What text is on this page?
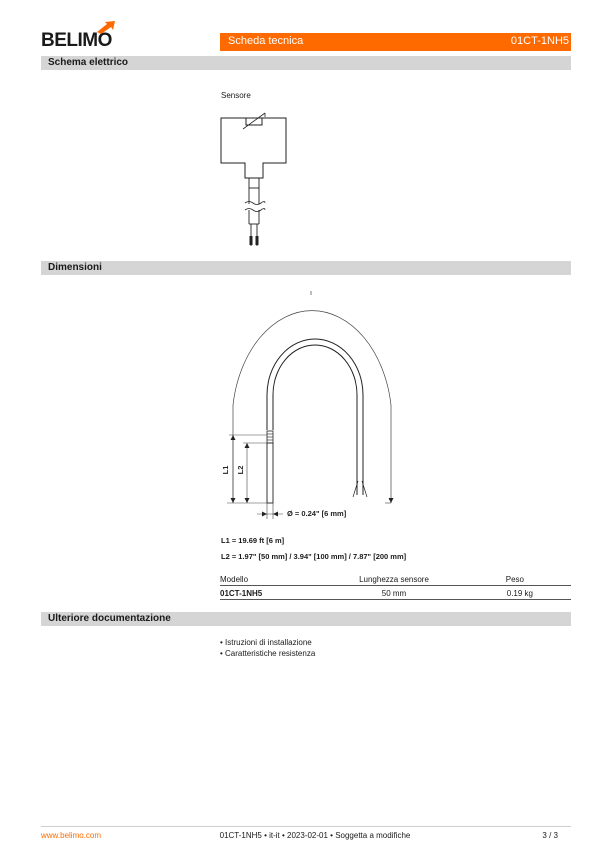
BELIMO	Scheda tecnica	01CT-1NH5
Schema elettrico
Sensore
Dimensioni
L1 L2
Ø = 0.24" [6 mm]
L1 = 19.69 ft [6 m]
L2 = 1.97" [50 mm] / 3.94" [100 mm] / 7.87" [200 mm]
Modello	Lunghezza sensore	Peso
01CT-1NH5	50 mm	0.19 kg
Ulteriore documentazione
• Istruzioni di installazione
• Caratteristiche resistenza
www.belimo.com	01CT-1NH5 • it-it • 2023-02-01 • Soggetta a modifiche	3 / 3
